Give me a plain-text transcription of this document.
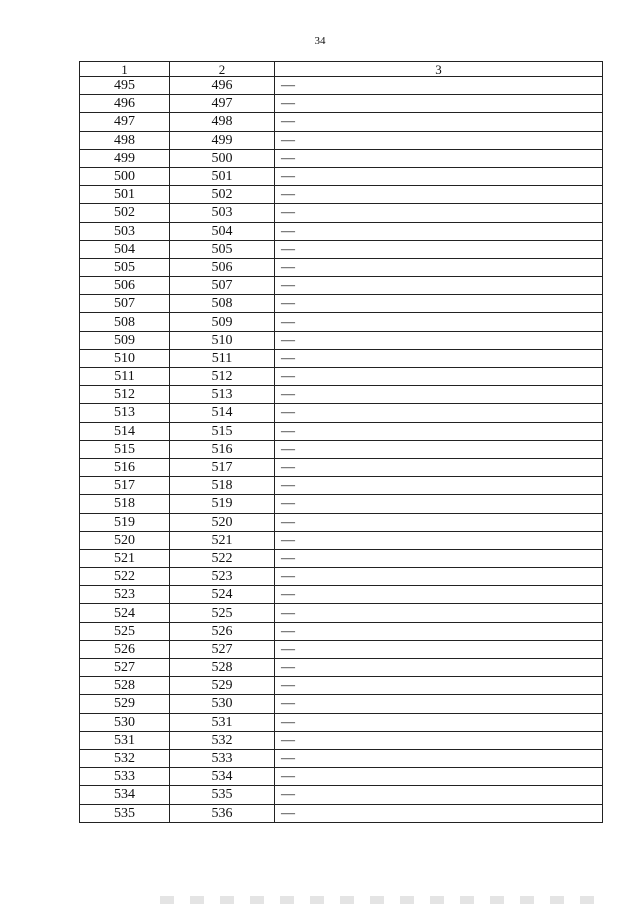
34
1	2	3
495	496	—
496	497	—
497	498	—
498	499	—
499	500	—
500	501	—
501	502	—
502	503	—
503	504	—
504	505	—
505	506	—
506	507	—
507	508	—
508	509	—
509	510	—
510	511	—
511	512	—
512	513	—
513	514	—
514	515	—
515	516	—
516	517	—
517	518	—
518	519	—
519	520	—
520	521	—
521	522	—
522	523	—
523	524	—
524	525	—
525	526	—
526	527	—
527	528	—
528	529	—
529	530	—
530	531	—
531	532	—
532	533	—
533	534	—
534	535	—
535	536	—
